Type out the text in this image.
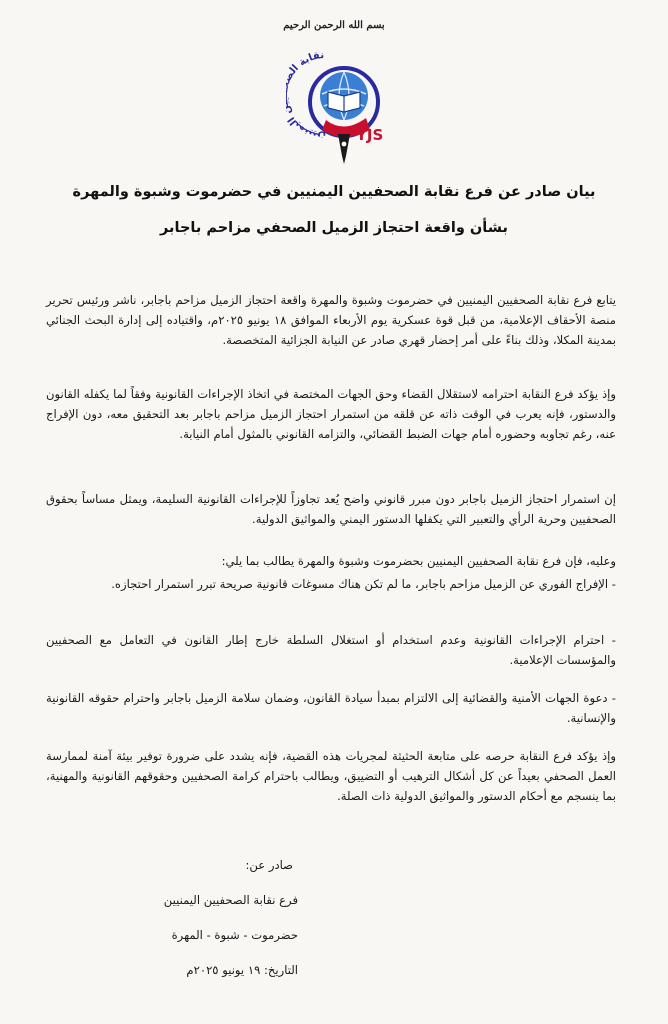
بسم الله الرحمن الرحيم
نقابة ال اليمنيين
YJS
بيان صادر عن فرع نقابة الصحفيين اليمنيين في حضرموت وشبوة والمهرة
بشأن واقعة احتجاز الزميل الصحفي مزاحم باجابر

يتابع فرع نقابة الصحفيين اليمنيين في حضرموت وشبوة والمهرة واقعة احتجاز الزميل مزاحم باجابر، ناشر ورئيس تحرير منصة الأحقاف الإعلامية، من قبل قوة عسكرية يوم الأربعاء الموافق ١٨ يونيو ٢٠٢٥م، واقتياده إلى إدارة البحث الجنائي بمدينة المكلا، وذلك بناءً على أمر إحضار قهري صادر عن النيابة الجزائية المتخصصة.

وإذ يؤكد فرع النقابة احترامه لاستقلال القضاء وحق الجهات المختصة في اتخاذ الإجراءات القانونية وفقاً لما يكفله القانون والدستور، فإنه يعرب في الوقت ذاته عن قلقه من استمرار احتجاز الزميل مزاحم باجابر بعد التحقيق معه، دون الإفراج عنه، رغم تجاوبه وحضوره أمام جهات الضبط القضائي، والتزامه القانوني بالمثول أمام النيابة.

إن استمرار احتجاز الزميل باجابر دون مبرر قانوني واضح يُعد تجاوزاً للإجراءات القانونية السليمة، ويمثل مساساً بحقوق الصحفيين وحرية الرأي والتعبير التي يكفلها الدستور اليمني والمواثيق الدولية.

وعليه، فإن فرع نقابة الصحفيين اليمنيين بحضرموت وشبوة والمهرة يطالب بما يلي:

- الإفراج الفوري عن الزميل مزاحم باجابر، ما لم تكن هناك مسوغات قانونية صريحة تبرر استمرار احتجازه.

- احترام الإجراءات القانونية وعدم استخدام أو استغلال السلطة خارج إطار القانون في التعامل مع الصحفيين والمؤسسات الإعلامية.

- دعوة الجهات الأمنية والقضائية إلى الالتزام بمبدأ سيادة القانون، وضمان سلامة الزميل باجابر واحترام حقوقه القانونية والإنسانية.

وإذ يؤكد فرع النقابة حرصه على متابعة الحثيثة لمجريات هذه القضية، فإنه يشدد على ضرورة توفير بيئة آمنة لممارسة العمل الصحفي بعيداً عن كل أشكال الترهيب أو التضييق، ويطالب باحترام كرامة الصحفيين وحقوقهم القانونية والمهنية، بما ينسجم مع أحكام الدستور والمواثيق الدولية ذات الصلة.

صادر عن:
فرع نقابة الصحفيين اليمنيين
حضرموت - شبوة - المهرة
التاريخ: ١٩ يونيو ٢٠٢٥م
